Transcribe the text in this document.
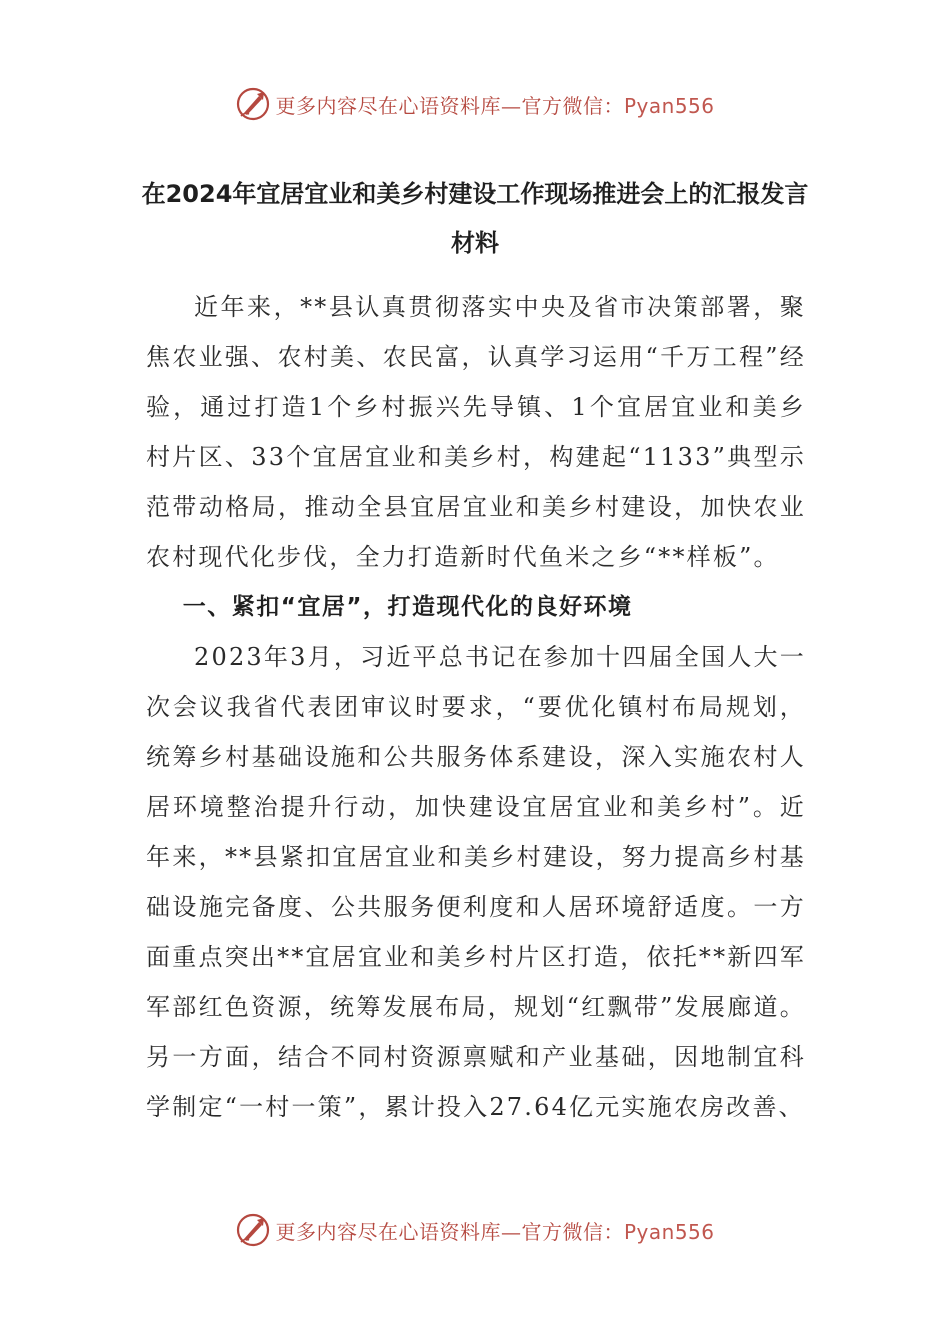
更多内容尽在心语资料库—官方微信：Pyan556
在2024年宜居宜业和美乡村建设工作现场推进会上的汇报发言材料

近年来，**县认真贯彻落实中央及省市决策部署，聚焦农业强、农村美、农民富，认真学习运用“千万工程”经验，通过打造1个乡村振兴先导镇、1个宜居宜业和美乡村片区、33个宜居宜业和美乡村，构建起“1133”典型示范带动格局，推动全县宜居宜业和美乡村建设，加快农业农村现代化步伐，全力打造新时代鱼米之乡“**样板”。

一、紧扣“宜居”，打造现代化的良好环境

2023年3月，习近平总书记在参加十四届全国人大一次会议我省代表团审议时要求，“要优化镇村布局规划，统筹乡村基础设施和公共服务体系建设，深入实施农村人居环境整治提升行动，加快建设宜居宜业和美乡村”。近年来，**县紧扣宜居宜业和美乡村建设，努力提高乡村基础设施完备度、公共服务便利度和人居环境舒适度。一方面重点突出**宜居宜业和美乡村片区打造，依托**新四军军部红色资源，统筹发展布局，规划“红飘带”发展廊道。另一方面，结合不同村资源禀赋和产业基础，因地制宜科学制定“一村一策”，累计投入27.64亿元实施农房改善、

更多内容尽在心语资料库—官方微信：Pyan556
